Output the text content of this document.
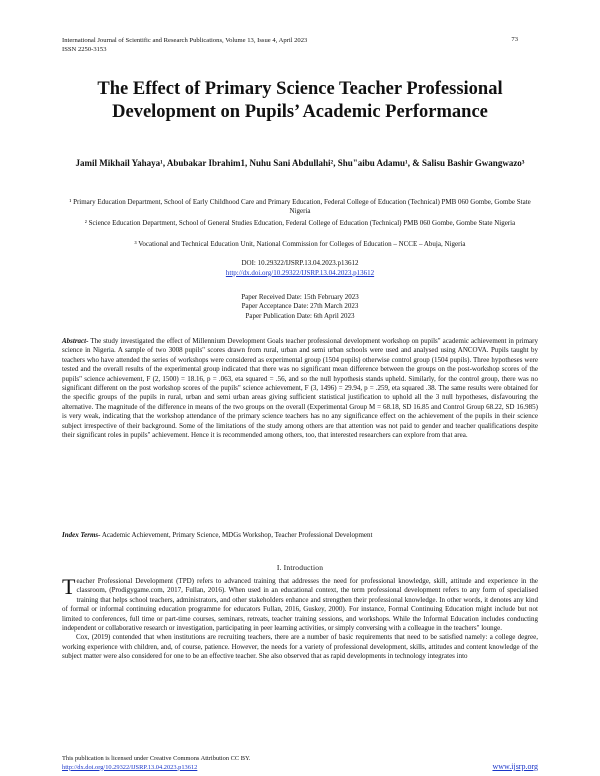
International Journal of Scientific and Research Publications, Volume 13, Issue 4, April 2023
ISSN 2250-3153
73
The Effect of Primary Science Teacher Professional Development on Pupils’ Academic Performance
Jamil Mikhail Yahaya¹, Abubakar Ibrahim1, Nuhu Sani Abdullahi², Shu"aibu Adamu¹, & Salisu Bashir Gwangwazo³
¹ Primary Education Department, School of Early Childhood Care and Primary Education, Federal College of Education (Technical) PMB 060 Gombe, Gombe State Nigeria
² Science Education Department, School of General Studies Education, Federal College of Education (Technical) PMB 060 Gombe, Gombe State Nigeria
³ Vocational and Technical Education Unit, National Commission for Colleges of Education – NCCE – Abuja, Nigeria
DOI: 10.29322/IJSRP.13.04.2023.p13612
http://dx.doi.org/10.29322/IJSRP.13.04.2023.p13612
Paper Received Date: 15th February 2023
Paper Acceptance Date: 27th March 2023
Paper Publication Date: 6th April 2023
Abstract- The study investigated the effect of Millennium Development Goals teacher professional development workshop on pupils" academic achievement in primary science in Nigeria. A sample of two 3008 pupils" scores drawn from rural, urban and semi urban schools were used and analysed using ANCOVA. Pupils taught by teachers who have attended the series of workshops were considered as experimental group (1504 pupils) otherwise control group (1504 pupils). Three hypotheses were tested and the overall results of the experimental group indicated that there was no significant mean difference between the groups on the post-workshop scores of the pupils" science achievement, F (2, 1500) = 18.16, p = .063, eta squared = .56, and so the null hypothesis stands upheld. Similarly, for the control group, there was no significant different on the post workshop scores of the pupils" science achievement, F (3, 1496) = 29.94, p = .259, eta squared .38. The same results were obtained for the specific groups of the pupils in rural, urban and semi urban areas giving sufficient statistical justification to uphold all the 3 null hypotheses, disfavouring the alternative. The magnitude of the difference in means of the two groups on the overall (Experimental Group M = 68.18, SD 16.85 and Control Group 68.22, SD 16.985) is very weak, indicating that the workshop attendance of the primary science teachers has no any significance effect on the achievement of the pupils in their science subject irrespective of their background. Some of the limitations of the study among others are that attention was not paid to gender and teacher qualifications despite their significant roles in pupils" achievement. Hence it is recommended among others, too, that interested researchers can explore from that area.
Index Terms- Academic Achievement, Primary Science, MDGs Workshop, Teacher Professional Development
I. Introduction

Teacher Professional Development (TPD) refers to advanced training that addresses the need for professional knowledge, skill, attitude and experience in the classroom, (Prodigygame.com, 2017, Fullan, 2016). When used in an educational context, the term professional development refers to any form of specialised training that helps school teachers, administrators, and other stakeholders enhance and strengthen their professional knowledge. In other words, it denotes any kind of formal or informal continuing education programme for educators Fullan, 2016, Guskey, 2000). For instance, Formal Continuing Education might include but not limited to conferences, full time or part-time courses, seminars, retreats, teacher training sessions, and workshops. While the Informal Education includes conducting independent or collaborative research or investigation, participating in peer learning activities, or simply conversing with a colleague in the teachers" lounge.

Cox, (2019) contended that when institutions are recruiting teachers, there are a number of basic requirements that need to be satisfied namely: a college degree, working experience with children, and, of course, patience. However, the needs for a variety of professional development, skills, attitudes and content knowledge of the subject matter were also considered for one to be an effective teacher. She also observed that as rapid developments in technology integrates into

This publication is licensed under Creative Commons Attribution CC BY.
http://dx.doi.org/10.29322/IJSRP.13.04.2023.p13612	www.ijsrp.org
